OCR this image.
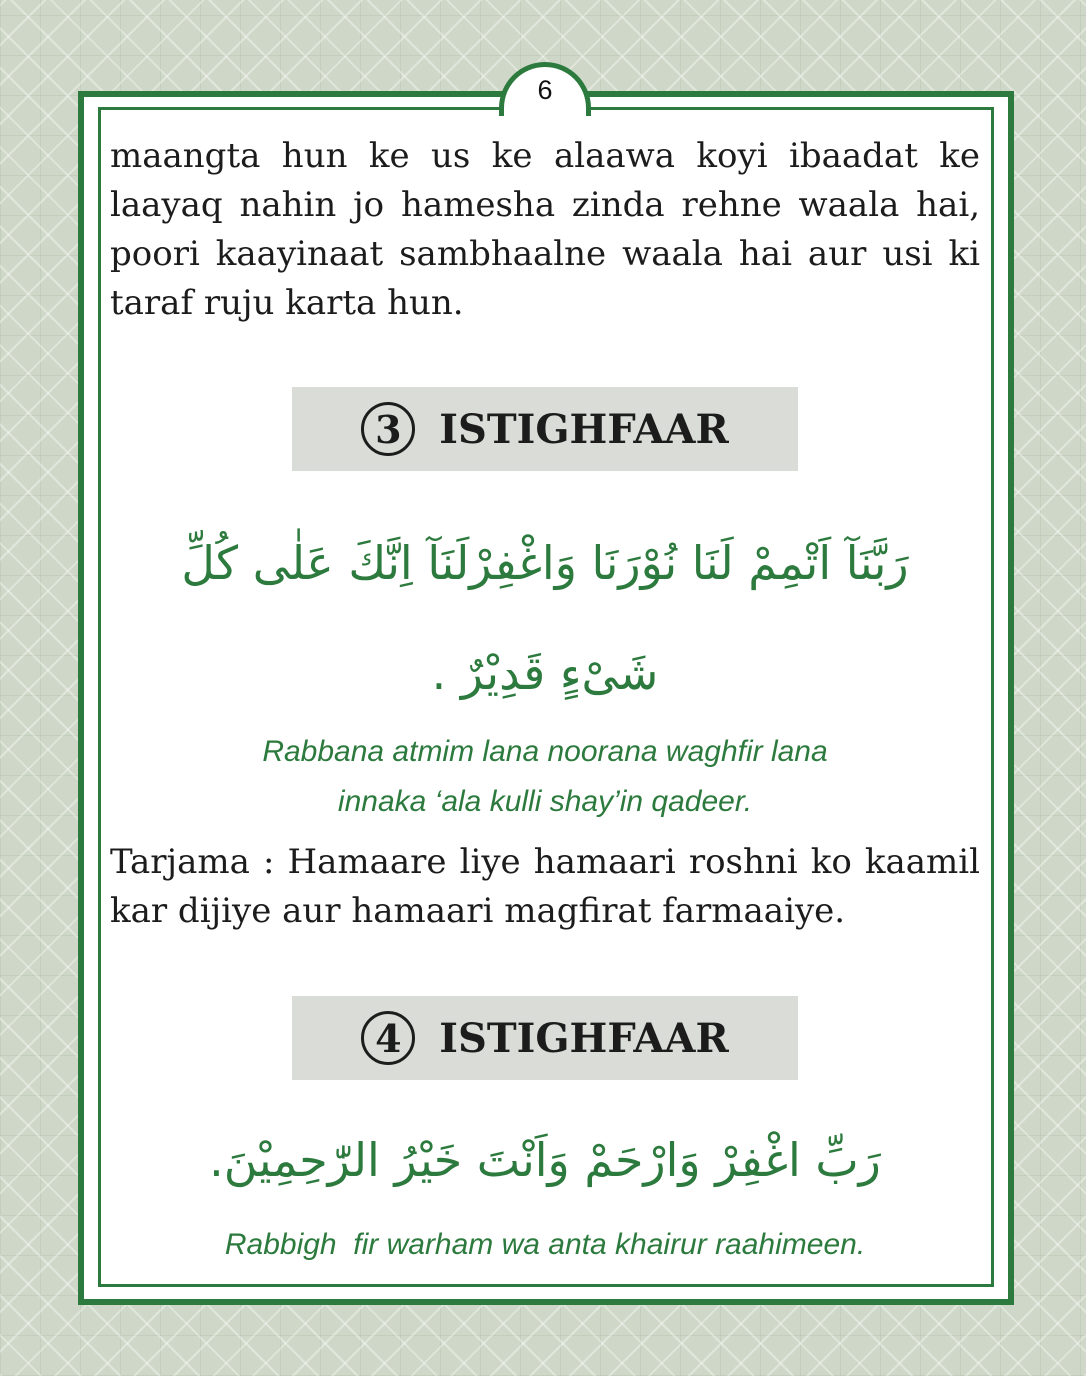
6
maangta hun ke us ke alaawa koyi ibaadat ke
laayaq nahin jo hamesha zinda rehne waala hai,
poori kaayinaat sambhaalne waala hai aur usi ki
taraf ruju karta hun.
3 ISTIGHFAAR
رَبَّنَآ اَتْمِمْ لَنَا نُوْرَنَا وَاغْفِرْلَنَآ اِنَّكَ عَلٰى كُلِّ
شَیْءٍ قَدِیْرٌ .
Rabbana atmim lana noorana waghfir lana
innaka ‘ala kulli shay’in qadeer.
Tarjama : Hamaare liye hamaari roshni ko kaamil
kar dijiye aur hamaari magfirat farmaaiye.
4 ISTIGHFAAR
رَبِّ اغْفِرْ وَارْحَمْ وَاَنْتَ خَيْرُ الرّٰحِمِیْنَ.
Rabbigh  fir warham wa anta khairur raahimeen.
